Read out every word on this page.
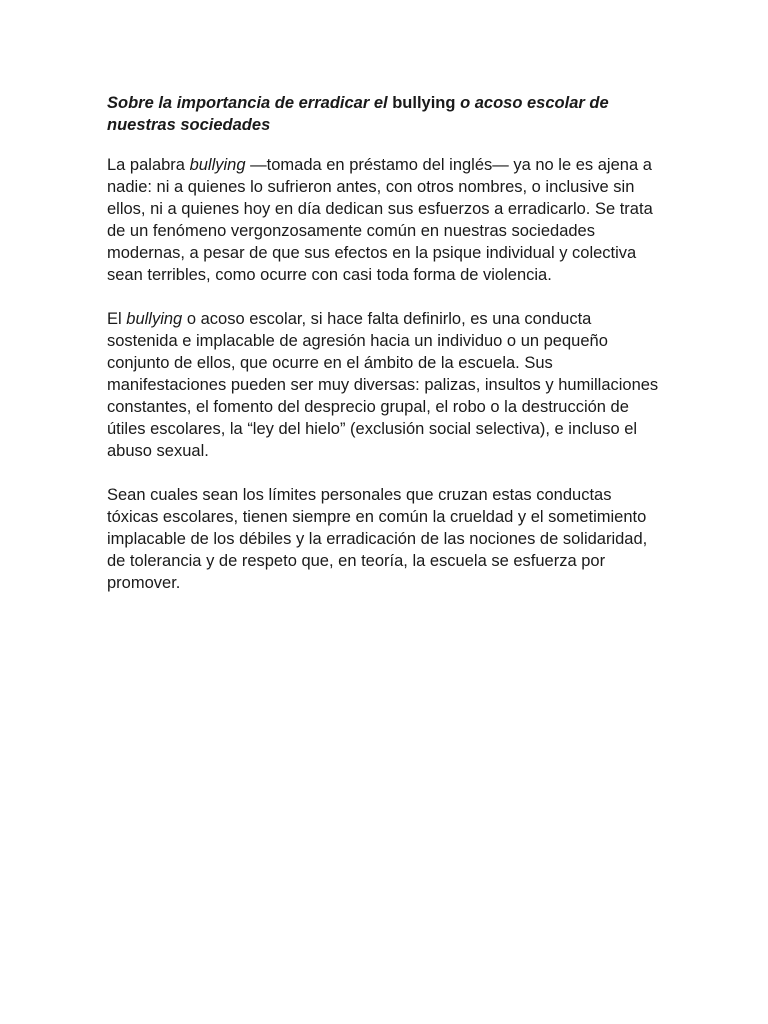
Sobre la importancia de erradicar el bullying o acoso escolar de nuestras sociedades

La palabra bullying —tomada en préstamo del inglés— ya no le es ajena a nadie: ni a quienes lo sufrieron antes, con otros nombres, o inclusive sin ellos, ni a quienes hoy en día dedican sus esfuerzos a erradicarlo. Se trata de un fenómeno vergonzosamente común en nuestras sociedades modernas, a pesar de que sus efectos en la psique individual y colectiva sean terribles, como ocurre con casi toda forma de violencia.

El bullying o acoso escolar, si hace falta definirlo, es una conducta sostenida e implacable de agresión hacia un individuo o un pequeño conjunto de ellos, que ocurre en el ámbito de la escuela. Sus manifestaciones pueden ser muy diversas: palizas, insultos y humillaciones constantes, el fomento del desprecio grupal, el robo o la destrucción de útiles escolares, la “ley del hielo” (exclusión social selectiva), e incluso el abuso sexual.

Sean cuales sean los límites personales que cruzan estas conductas tóxicas escolares, tienen siempre en común la crueldad y el sometimiento implacable de los débiles y la erradicación de las nociones de solidaridad, de tolerancia y de respeto que, en teoría, la escuela se esfuerza por promover.
